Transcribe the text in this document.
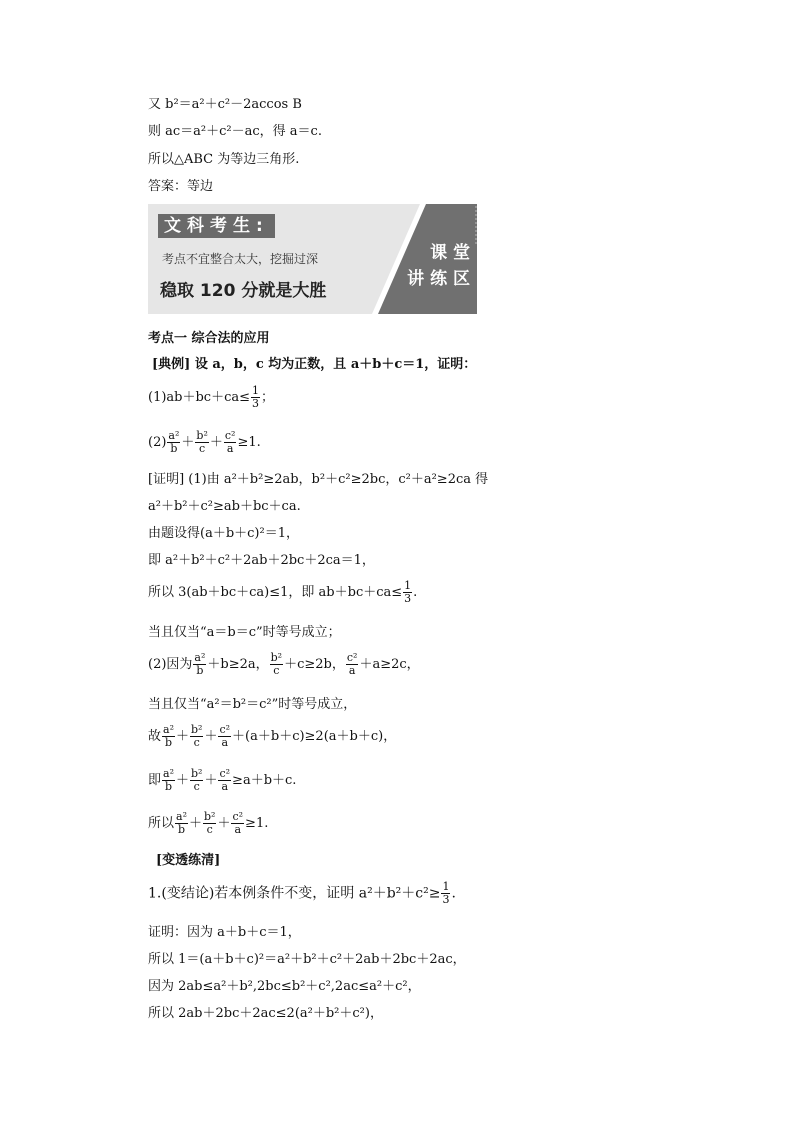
又 b²＝a²＋c²－2accos B
则 ac＝a²＋c²－ac，得 a＝c.
所以△ABC 为等边三角形.
答案：等边
文科考生:
考点不宜整合太大，挖掘过深
稳取 120 分就是大胜
课 堂
讲 练 区
考点一 综合法的应用
[典例] 设 a，b，c 均为正数，且 a＋b＋c＝1，证明：
$(1)ab+bc+ca\le \frac{1}{3}$ ；
$(2) \frac{\text{a²}}{b} + \frac{\text{b²}}{c} + \frac{\text{c²}}{a} \ge 1$.
[证明] (1)由 a²＋b²≥2ab，b²＋c²≥2bc，c²＋a²≥2ca 得
a²＋b²＋c²≥ab＋bc＋ca.
由题设得(a＋b＋c)²＝1，
即 a²＋b²＋c²＋2ab＋2bc＋2ca＝1，
所以 3(ab＋bc＋ca)≤1，即 $ab+bc+ca\le \frac{1}{3}$ .
当且仅当“a＝b＝c”时等号成立；
(2)因为 $\frac{\text{a²}}{b} +b\ge 2a$， $\frac{\text{b²}}{c} +c\ge 2b$， $\frac{\text{c²}}{a} +a\ge 2c$，
当且仅当“a²＝b²＝c²”时等号成立，
故 $\frac{\text{a²}}{b} + \frac{\text{b²}}{c} + \frac{\text{c²}}{a} +(a+b+c)\ge 2(a+b+c)$，
即 $\frac{\text{a²}}{b} + \frac{\text{b²}}{c} + \frac{\text{c²}}{a} \ge a+b+c$.
所以 $\frac{\text{a²}}{b} + \frac{\text{b²}}{c} + \frac{\text{c²}}{a} \ge 1$.
[变透练清]
1.(变结论)若本例条件不变，证明 $a^2+b^2+c^2\ge \frac{1}{3}$ .
证明：因为 a＋b＋c＝1，
所以 1＝(a＋b＋c)²＝a²＋b²＋c²＋2ab＋2bc＋2ac，
因为 2ab≤a²＋b²,2bc≤b²＋c²,2ac≤a²＋c²，
所以 2ab＋2bc＋2ac≤2(a²＋b²＋c²)，
